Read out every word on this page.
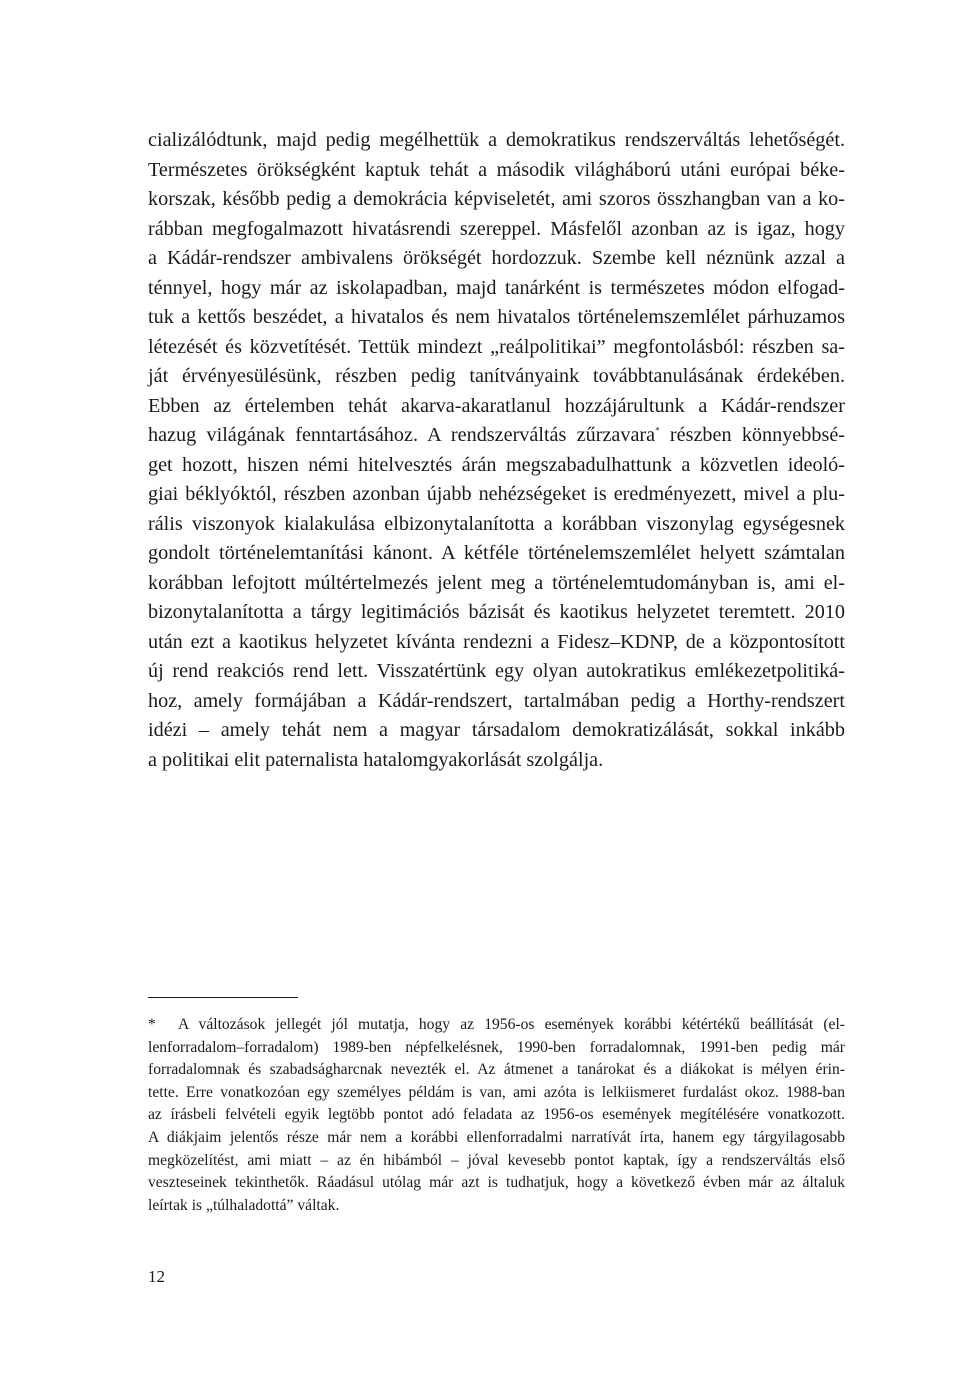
cializálódtunk, majd pedig megélhettük a demokratikus rendszerváltás lehetőségét.
Természetes örökségként kaptuk tehát a második világháború utáni európai béke-
korszak, később pedig a demokrácia képviseletét, ami szoros összhangban van a ko-
rábban megfogalmazott hivatásrendi szereppel. Másfelől azonban az is igaz, hogy
a Kádár-rendszer ambivalens örökségét hordozzuk. Szembe kell néznünk azzal a
ténnyel, hogy már az iskolapadban, majd tanárként is természetes módon elfogad-
tuk a kettős beszédet, a hivatalos és nem hivatalos történelemszemlélet párhuzamos
létezését és közvetítését. Tettük mindezt „reálpolitikai” megfontolásból: részben sa-
ját érvényesülésünk, részben pedig tanítványaink továbbtanulásának érdekében.
Ebben az értelemben tehát akarva-akaratlanul hozzájárultunk a Kádár-rendszer
hazug világának fenntartásához. A rendszerváltás zűrzavara* részben könnyebbsé-
get hozott, hiszen némi hitelvesztés árán megszabadulhattunk a közvetlen ideoló-
giai béklyóktól, részben azonban újabb nehézségeket is eredményezett, mivel a plu-
rális viszonyok kialakulása elbizonytalanította a korábban viszonylag egységesnek
gondolt történelemtanítási kánont. A kétféle történelemszemlélet helyett számtalan
korábban lefojtott múltértelmezés jelent meg a történelemtudományban is, ami el-
bizonytalanította a tárgy legitimációs bázisát és kaotikus helyzetet teremtett. 2010
után ezt a kaotikus helyzetet kívánta rendezni a Fidesz–KDNP, de a központosított
új rend reakciós rend lett. Visszatértünk egy olyan autokratikus emlékezetpolitiká-
hoz, amely formájában a Kádár-rendszert, tartalmában pedig a Horthy-rendszert
idézi – amely tehát nem a magyar társadalom demokratizálását, sokkal inkább
a politikai elit paternalista hatalomgyakorlását szolgálja.
* A változások jellegét jól mutatja, hogy az 1956-os események korábbi kétértékű beállítását (el-
lenforradalom–forradalom) 1989-ben népfelkelésnek, 1990-ben forradalomnak, 1991-ben pedig már
forradalomnak és szabadságharcnak nevezték el. Az átmenet a tanárokat és a diákokat is mélyen érin-
tette. Erre vonatkozóan egy személyes példám is van, ami azóta is lelkiismeret furdalást okoz. 1988-ban
az írásbeli felvételi egyik legtöbb pontot adó feladata az 1956-os események megítélésére vonatkozott.
A diákjaim jelentős része már nem a korábbi ellenforradalmi narratívát írta, hanem egy tárgyilagosabb
megközelítést, ami miatt – az én hibámból – jóval kevesebb pontot kaptak, így a rendszerváltás első
veszteseinek tekinthetők. Ráadásul utólag már azt is tudhatjuk, hogy a következő évben már az általuk
leírtak is „túlhaladottá” váltak.
12
